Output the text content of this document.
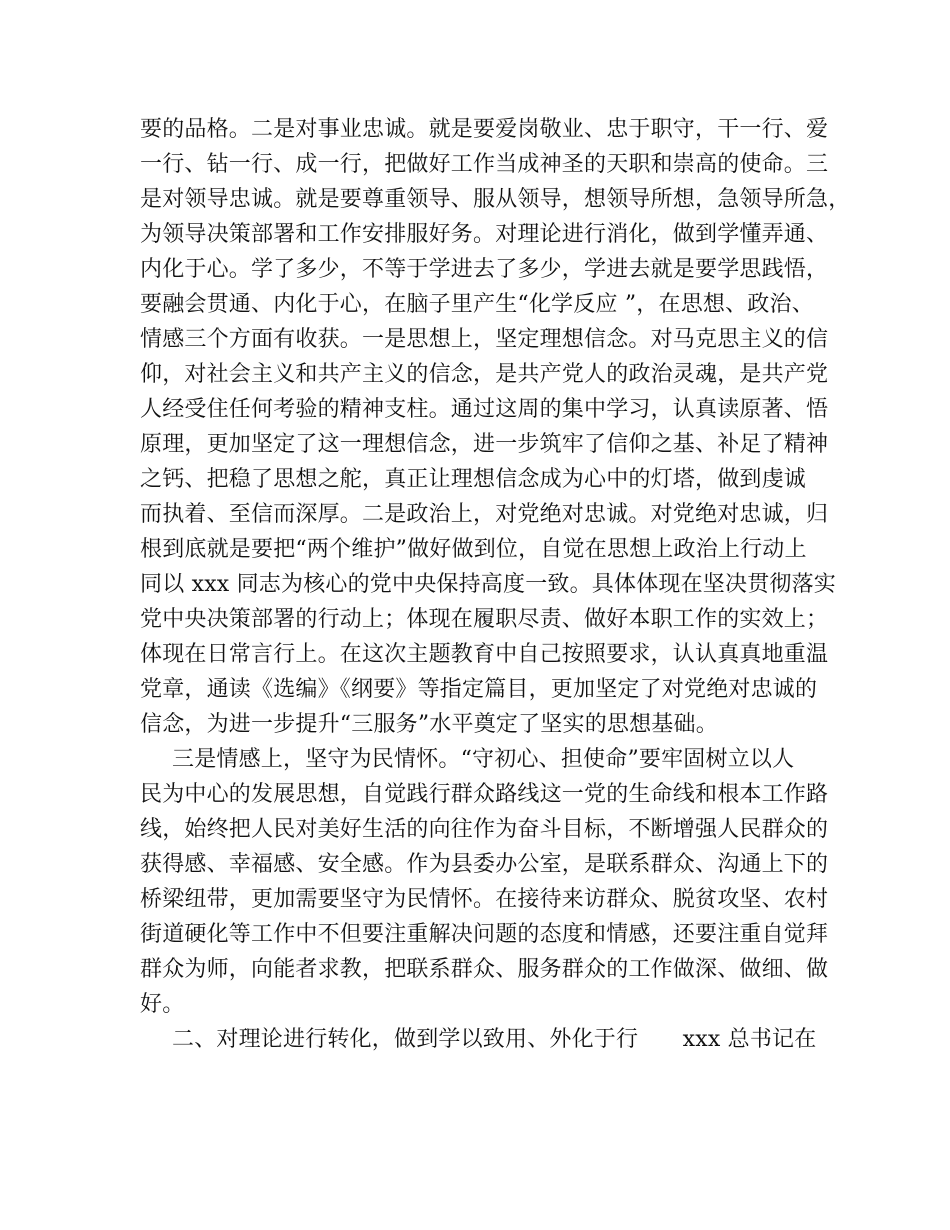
要的品格。二是对事业忠诚。就是要爱岗敬业、忠于职守，干一行、爱
一行、钻一行、成一行，把做好工作当成神圣的天职和崇高的使命。三
是对领导忠诚。就是要尊重领导、服从领导，想领导所想，急领导所急，
为领导决策部署和工作安排服好务。对理论进行消化，做到学懂弄通、
内化于心。学了多少，不等于学进去了多少，学进去就是要学思践悟，
要融会贯通、内化于心，在脑子里产生“化学反应 ”，在思想、政治、
情感三个方面有收获。一是思想上，坚定理想信念。对马克思主义的信
仰，对社会主义和共产主义的信念，是共产党人的政治灵魂，是共产党
人经受住任何考验的精神支柱。通过这周的集中学习，认真读原著、悟
原理，更加坚定了这一理想信念，进一步筑牢了信仰之基、补足了精神
之钙、把稳了思想之舵，真正让理想信念成为心中的灯塔，做到虔诚
而执着、至信而深厚。二是政治上，对党绝对忠诚。对党绝对忠诚，归
根到底就是要把“两个维护”做好做到位，自觉在思想上政治上行动上
同以 xxx 同志为核心的党中央保持高度一致。具体体现在坚决贯彻落实
党中央决策部署的行动上；体现在履职尽责、做好本职工作的实效上；
体现在日常言行上。在这次主题教育中自己按照要求，认认真真地重温
党章，通读《选编》《纲要》等指定篇目，更加坚定了对党绝对忠诚的
信念，为进一步提升“三服务”水平奠定了坚实的思想基础。
三是情感上，坚守为民情怀。“守初心、担使命”要牢固树立以人
民为中心的发展思想，自觉践行群众路线这一党的生命线和根本工作路
线，始终把人民对美好生活的向往作为奋斗目标，不断增强人民群众的
获得感、幸福感、安全感。作为县委办公室，是联系群众、沟通上下的
桥梁纽带，更加需要坚守为民情怀。在接待来访群众、脱贫攻坚、农村
街道硬化等工作中不但要注重解决问题的态度和情感，还要注重自觉拜
群众为师，向能者求教，把联系群众、服务群众的工作做深、做细、做
好。
二、对理论进行转化，做到学以致用、外化于行　　xxx 总书记在
